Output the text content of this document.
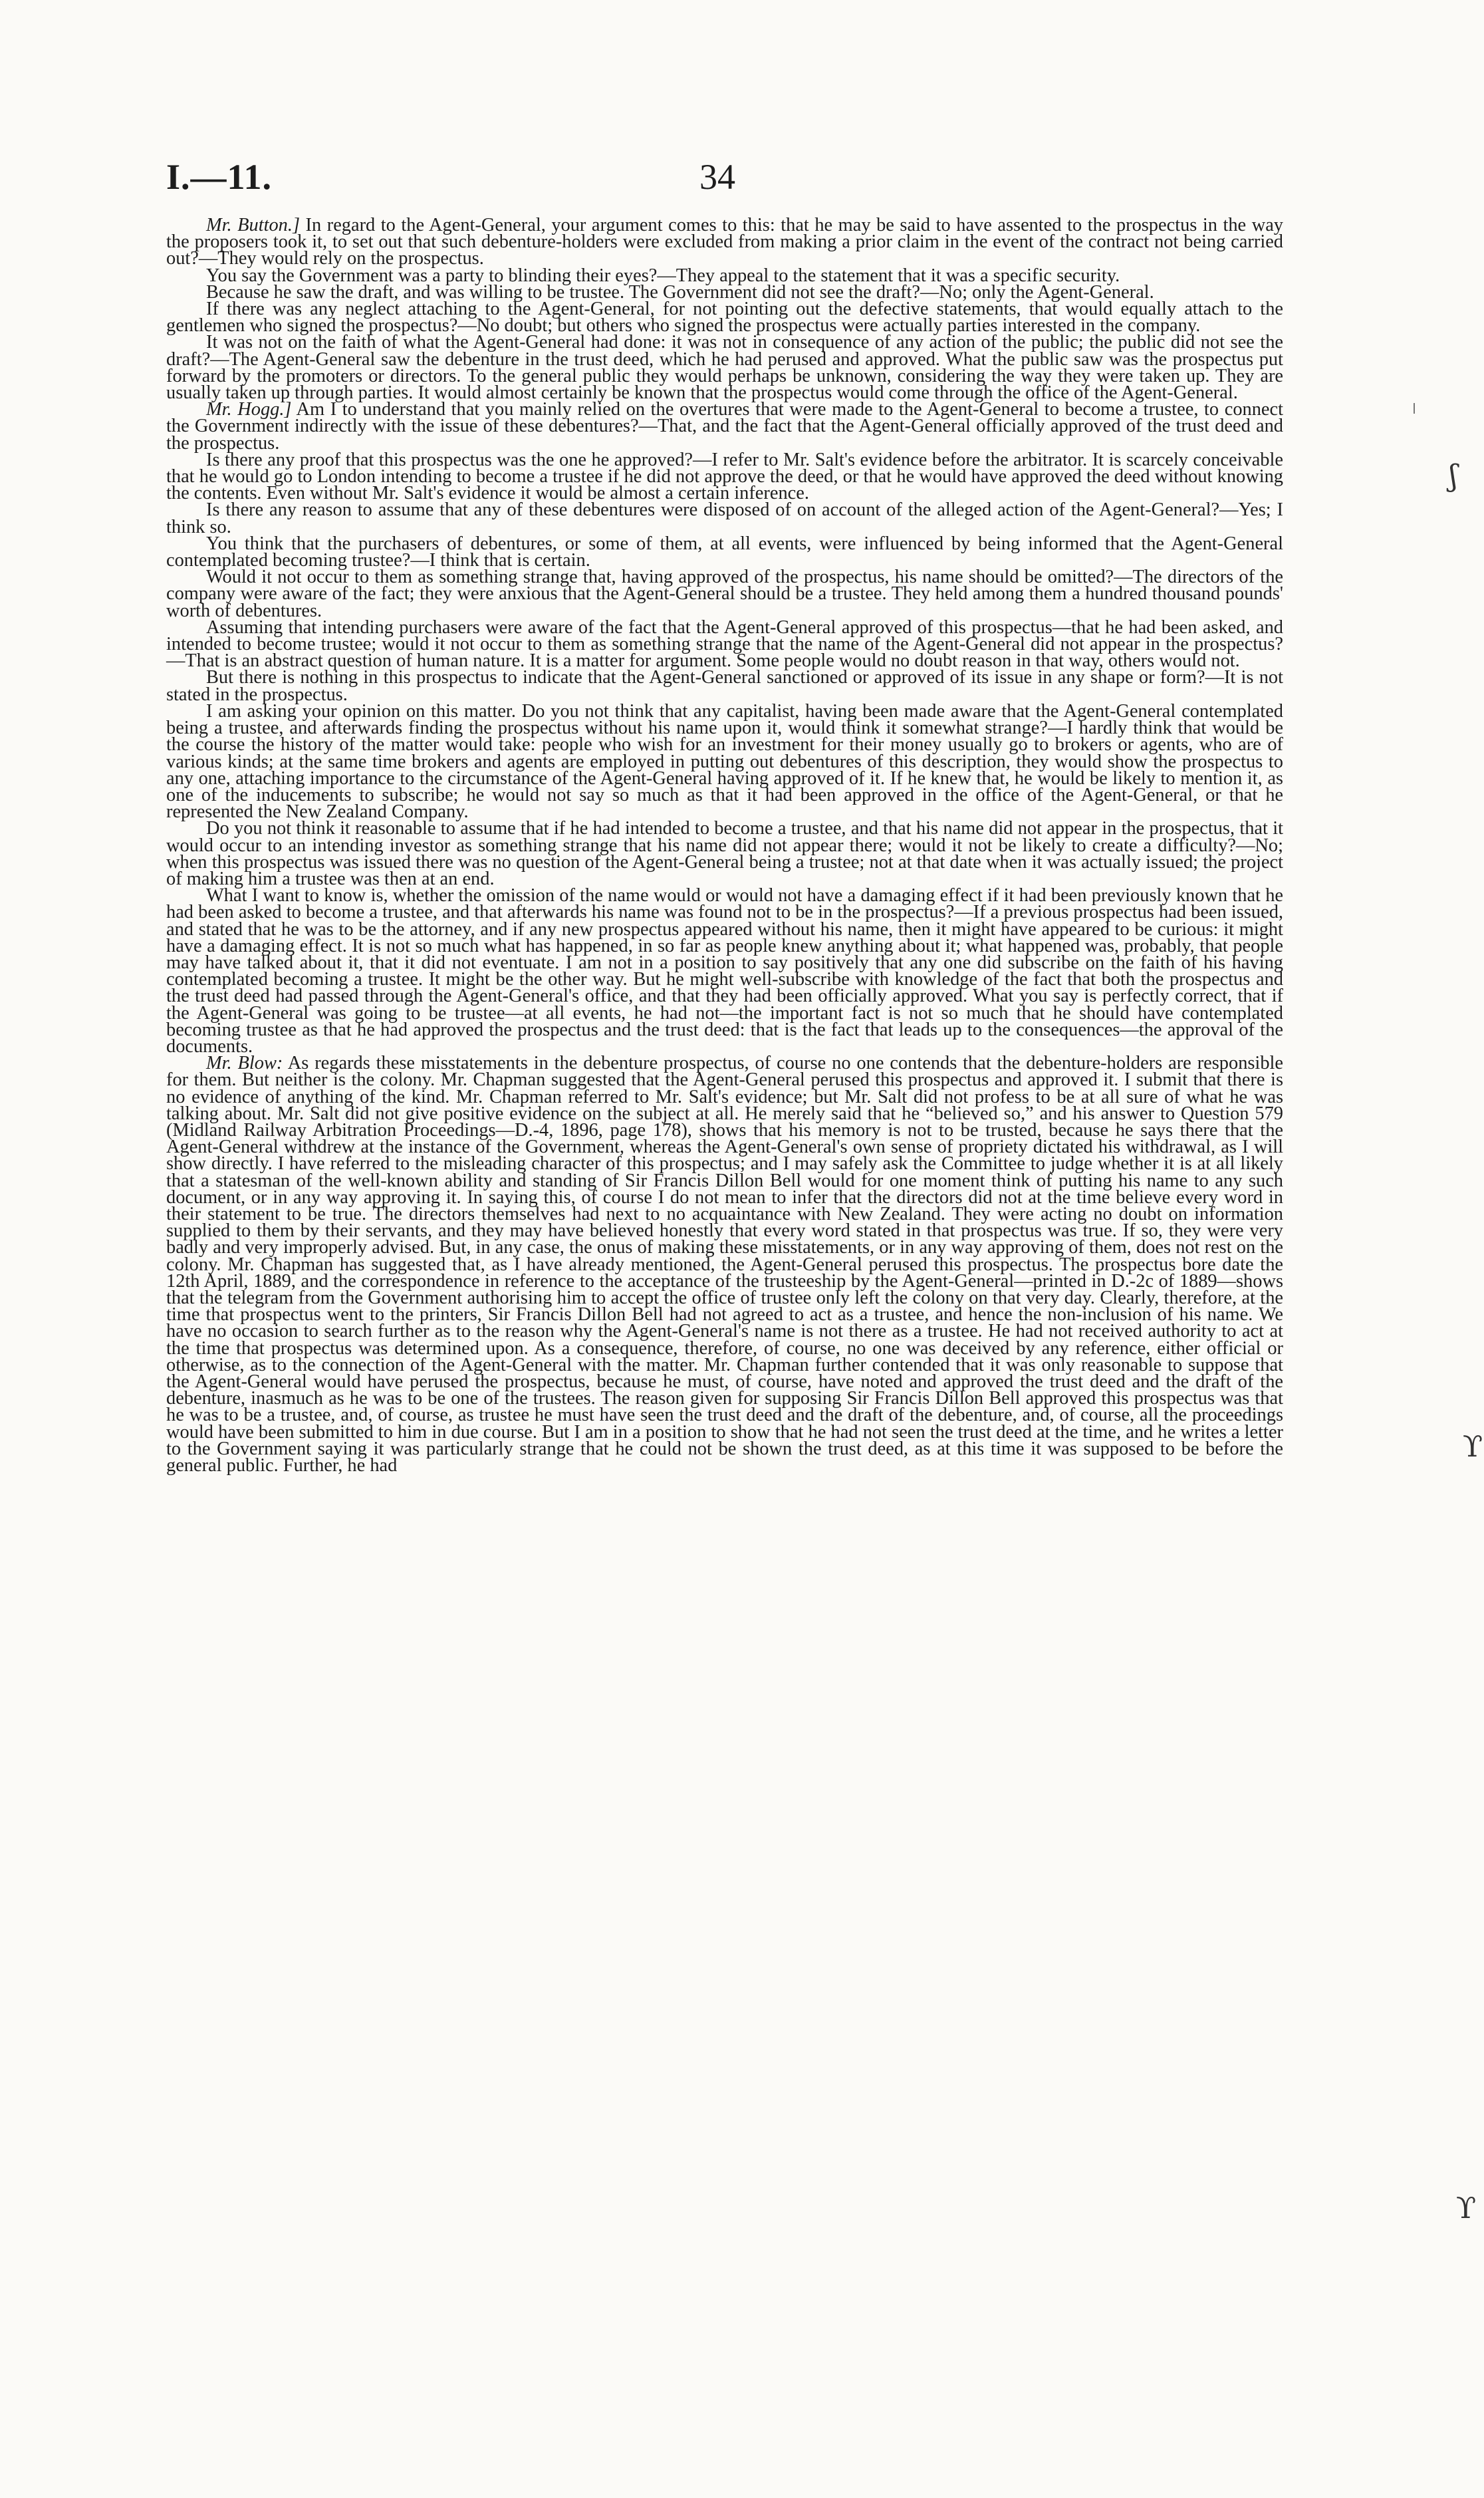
I.—11.	34
ʃ
ϒ
ϒ

Mr. Button.] In regard to the Agent-General, your argument comes to this: that he may be said to have assented to the prospectus in the way the proposers took it, to set out that such debenture-holders were excluded from making a prior claim in the event of the contract not being carried out?—They would rely on the prospectus.

You say the Government was a party to blinding their eyes?—They appeal to the statement that it was a specific security.

Because he saw the draft, and was willing to be trustee. The Government did not see the draft?—No; only the Agent-General.

If there was any neglect attaching to the Agent-General, for not pointing out the defective statements, that would equally attach to the gentlemen who signed the prospectus?—No doubt; but others who signed the prospectus were actually parties interested in the company.

It was not on the faith of what the Agent-General had done: it was not in consequence of any action of the public; the public did not see the draft?—The Agent-General saw the debenture in the trust deed, which he had perused and approved. What the public saw was the prospectus put forward by the promoters or directors. To the general public they would perhaps be unknown, considering the way they were taken up. They are usually taken up through parties. It would almost certainly be known that the prospectus would come through the office of the Agent-General.

Mr. Hogg.] Am I to understand that you mainly relied on the overtures that were made to the Agent-General to become a trustee, to connect the Government indirectly with the issue of these debentures?—That, and the fact that the Agent-General officially approved of the trust deed and the prospectus.

Is there any proof that this prospectus was the one he approved?—I refer to Mr. Salt's evidence before the arbitrator. It is scarcely conceivable that he would go to London intending to become a trustee if he did not approve the deed, or that he would have approved the deed without knowing the contents. Even without Mr. Salt's evidence it would be almost a certain inference.

Is there any reason to assume that any of these debentures were disposed of on account of the alleged action of the Agent-General?—Yes; I think so.

You think that the purchasers of debentures, or some of them, at all events, were influenced by being informed that the Agent-General contemplated becoming trustee?—I think that is certain.

Would it not occur to them as something strange that, having approved of the prospectus, his name should be omitted?—The directors of the company were aware of the fact; they were anxious that the Agent-General should be a trustee. They held among them a hundred thousand pounds' worth of debentures.

Assuming that intending purchasers were aware of the fact that the Agent-General approved of this prospectus—that he had been asked, and intended to become trustee; would it not occur to them as something strange that the name of the Agent-General did not appear in the prospectus?—That is an abstract question of human nature. It is a matter for argument. Some people would no doubt reason in that way, others would not.

But there is nothing in this prospectus to indicate that the Agent-General sanctioned or approved of its issue in any shape or form?—It is not stated in the prospectus.

I am asking your opinion on this matter. Do you not think that any capitalist, having been made aware that the Agent-General contemplated being a trustee, and afterwards finding the prospectus without his name upon it, would think it somewhat strange?—I hardly think that would be the course the history of the matter would take: people who wish for an investment for their money usually go to brokers or agents, who are of various kinds; at the same time brokers and agents are employed in putting out debentures of this description, they would show the prospectus to any one, attaching importance to the circumstance of the Agent-General having approved of it. If he knew that, he would be likely to mention it, as one of the inducements to subscribe; he would not say so much as that it had been approved in the office of the Agent-General, or that he represented the New Zealand Company.

Do you not think it reasonable to assume that if he had intended to become a trustee, and that his name did not appear in the prospectus, that it would occur to an intending investor as something strange that his name did not appear there; would it not be likely to create a difficulty?—No; when this prospectus was issued there was no question of the Agent-General being a trustee; not at that date when it was actually issued; the project of making him a trustee was then at an end.

What I want to know is, whether the omission of the name would or would not have a damaging effect if it had been previously known that he had been asked to become a trustee, and that afterwards his name was found not to be in the prospectus?—If a previous prospectus had been issued, and stated that he was to be the attorney, and if any new prospectus appeared without his name, then it might have appeared to be curious: it might have a damaging effect. It is not so much what has happened, in so far as people knew anything about it; what happened was, probably, that people may have talked about it, that it did not eventuate. I am not in a position to say positively that any one did subscribe on the faith of his having contemplated becoming a trustee. It might be the other way. But he might well-subscribe with knowledge of the fact that both the prospectus and the trust deed had passed through the Agent-General's office, and that they had been officially approved. What you say is perfectly correct, that if the Agent-General was going to be trustee—at all events, he had not—the important fact is not so much that he should have contemplated becoming trustee as that he had approved the prospectus and the trust deed: that is the fact that leads up to the consequences—the approval of the documents.

Mr. Blow: As regards these misstatements in the debenture prospectus, of course no one contends that the debenture-holders are responsible for them. But neither is the colony. Mr. Chapman suggested that the Agent-General perused this prospectus and approved it. I submit that there is no evidence of anything of the kind. Mr. Chapman referred to Mr. Salt's evidence; but Mr. Salt did not profess to be at all sure of what he was talking about. Mr. Salt did not give positive evidence on the subject at all. He merely said that he “believed so,” and his answer to Question 579 (Midland Railway Arbitration Proceedings—D.-4, 1896, page 178), shows that his memory is not to be trusted, because he says there that the Agent-General withdrew at the instance of the Government, whereas the Agent-General's own sense of propriety dictated his withdrawal, as I will show directly. I have referred to the misleading character of this prospectus; and I may safely ask the Committee to judge whether it is at all likely that a statesman of the well-known ability and standing of Sir Francis Dillon Bell would for one moment think of putting his name to any such document, or in any way approving it. In saying this, of course I do not mean to infer that the directors did not at the time believe every word in their statement to be true. The directors themselves had next to no acquaintance with New Zealand. They were acting no doubt on information supplied to them by their servants, and they may have believed honestly that every word stated in that prospectus was true. If so, they were very badly and very improperly advised. But, in any case, the onus of making these misstatements, or in any way approving of them, does not rest on the colony. Mr. Chapman has suggested that, as I have already mentioned, the Agent-General perused this prospectus. The prospectus bore date the 12th April, 1889, and the correspondence in reference to the acceptance of the trusteeship by the Agent-General—printed in D.-2c of 1889—shows that the telegram from the Government authorising him to accept the office of trustee only left the colony on that very day. Clearly, therefore, at the time that prospectus went to the printers, Sir Francis Dillon Bell had not agreed to act as a trustee, and hence the non-inclusion of his name. We have no occasion to search further as to the reason why the Agent-General's name is not there as a trustee. He had not received authority to act at the time that prospectus was determined upon. As a consequence, therefore, of course, no one was deceived by any reference, either official or otherwise, as to the connection of the Agent-General with the matter. Mr. Chapman further contended that it was only reasonable to suppose that the Agent-General would have perused the prospectus, because he must, of course, have noted and approved the trust deed and the draft of the debenture, inasmuch as he was to be one of the trustees. The reason given for supposing Sir Francis Dillon Bell approved this prospectus was that he was to be a trustee, and, of course, as trustee he must have seen the trust deed and the draft of the debenture, and, of course, all the proceedings would have been submitted to him in due course. But I am in a position to show that he had not seen the trust deed at the time, and he writes a letter to the Government saying it was particularly strange that he could not be shown the trust deed, as at this time it was supposed to be before the general public. Further, he had
